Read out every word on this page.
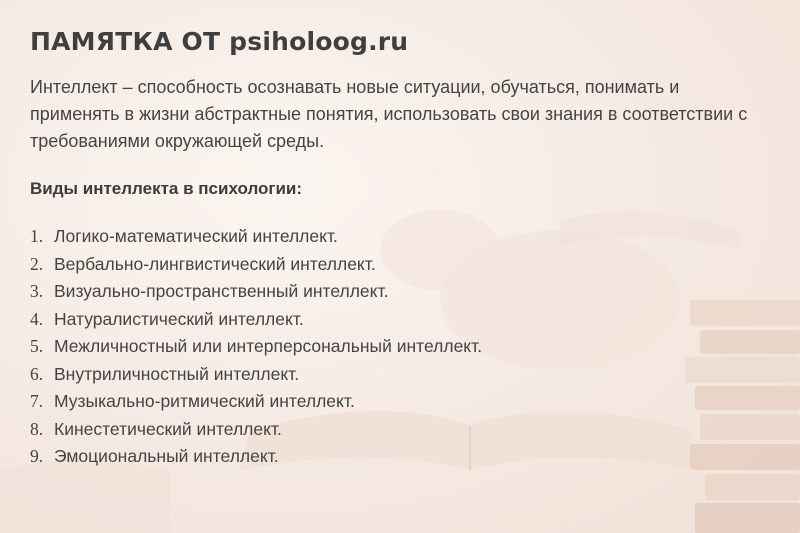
ПАМЯТКА ОТ psiholoog.ru

Интеллект – способность осознавать новые ситуации, обучаться, понимать и применять в жизни абстрактные понятия, использовать свои знания в соответствии с требованиями окружающей среды.

Виды интеллекта в психологии:
1. Логико-математический интеллект.
2. Вербально-лингвистический интеллект.
3. Визуально-пространственный интеллект.
4. Натуралистический интеллект.
5. Межличностный или интерперсональный интеллект.
6. Внутриличностный интеллект.
7. Музыкально-ритмический интеллект.
8. Кинестетический интеллект.
9. Эмоциональный интеллект.
